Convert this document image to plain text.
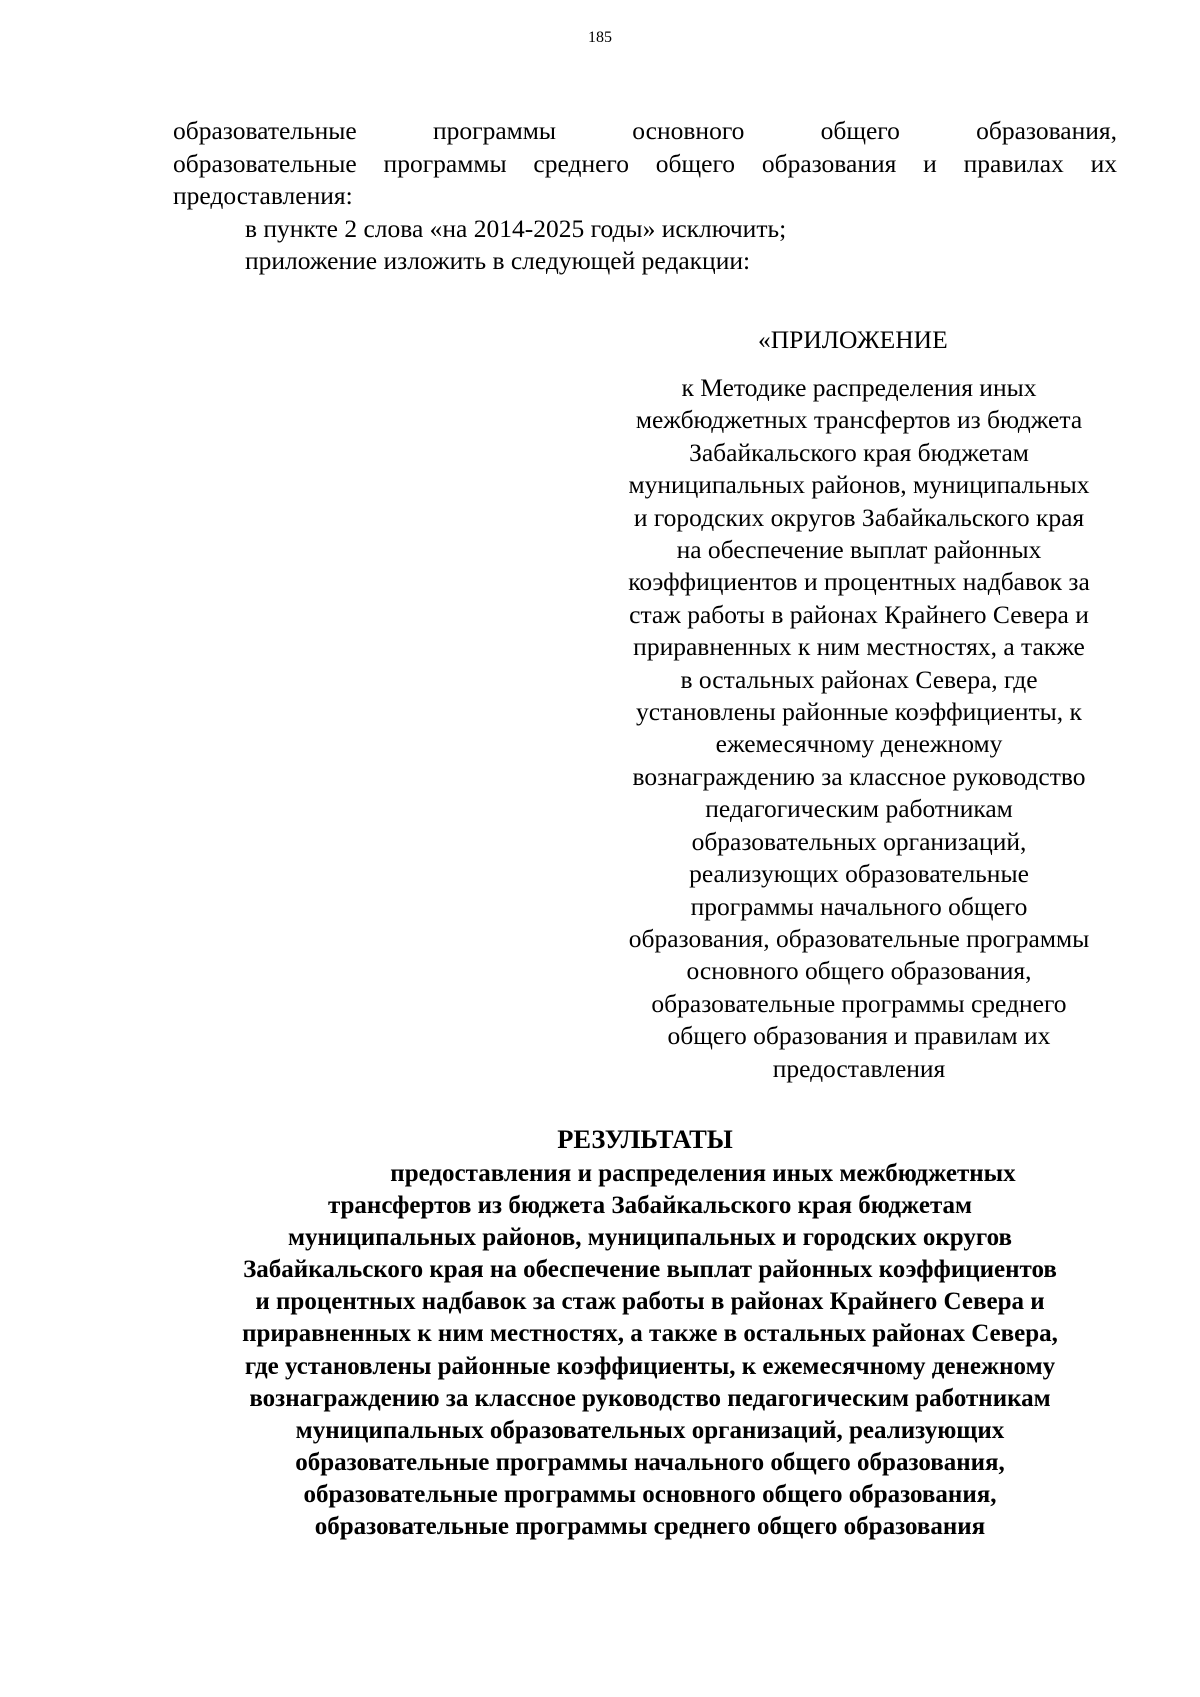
185
образовательные программы основного общего образования,
образовательные программы среднего общего образования и правилах их
предоставления:
в пункте 2 слова «на 2014-2025 годы» исключить;
приложение изложить в следующей редакции:
«ПРИЛОЖЕНИЕ
к Методике распределения иных
межбюджетных трансфертов из бюджета
Забайкальского края бюджетам
муниципальных районов, муниципальных
и городских округов Забайкальского края
на обеспечение выплат районных
коэффициентов и процентных надбавок за
стаж работы в районах Крайнего Севера и
приравненных к ним местностях, а также
в остальных районах Севера, где
установлены районные коэффициенты, к
ежемесячному денежному
вознаграждению за классное руководство
педагогическим работникам
образовательных организаций,
реализующих образовательные
программы начального общего
образования, образовательные программы
основного общего образования,
образовательные программы среднего
общего образования и правилам их
предоставления
РЕЗУЛЬТАТЫ
предоставления и распределения иных межбюджетных
трансфертов из бюджета Забайкальского края бюджетам
муниципальных районов, муниципальных и городских округов
Забайкальского края на обеспечение выплат районных коэффициентов
и процентных надбавок за стаж работы в районах Крайнего Севера и
приравненных к ним местностях, а также в остальных районах Севера,
где установлены районные коэффициенты, к ежемесячному денежному
вознаграждению за классное руководство педагогическим работникам
муниципальных образовательных организаций, реализующих
образовательные программы начального общего образования,
образовательные программы основного общего образования,
образовательные программы среднего общего образования
